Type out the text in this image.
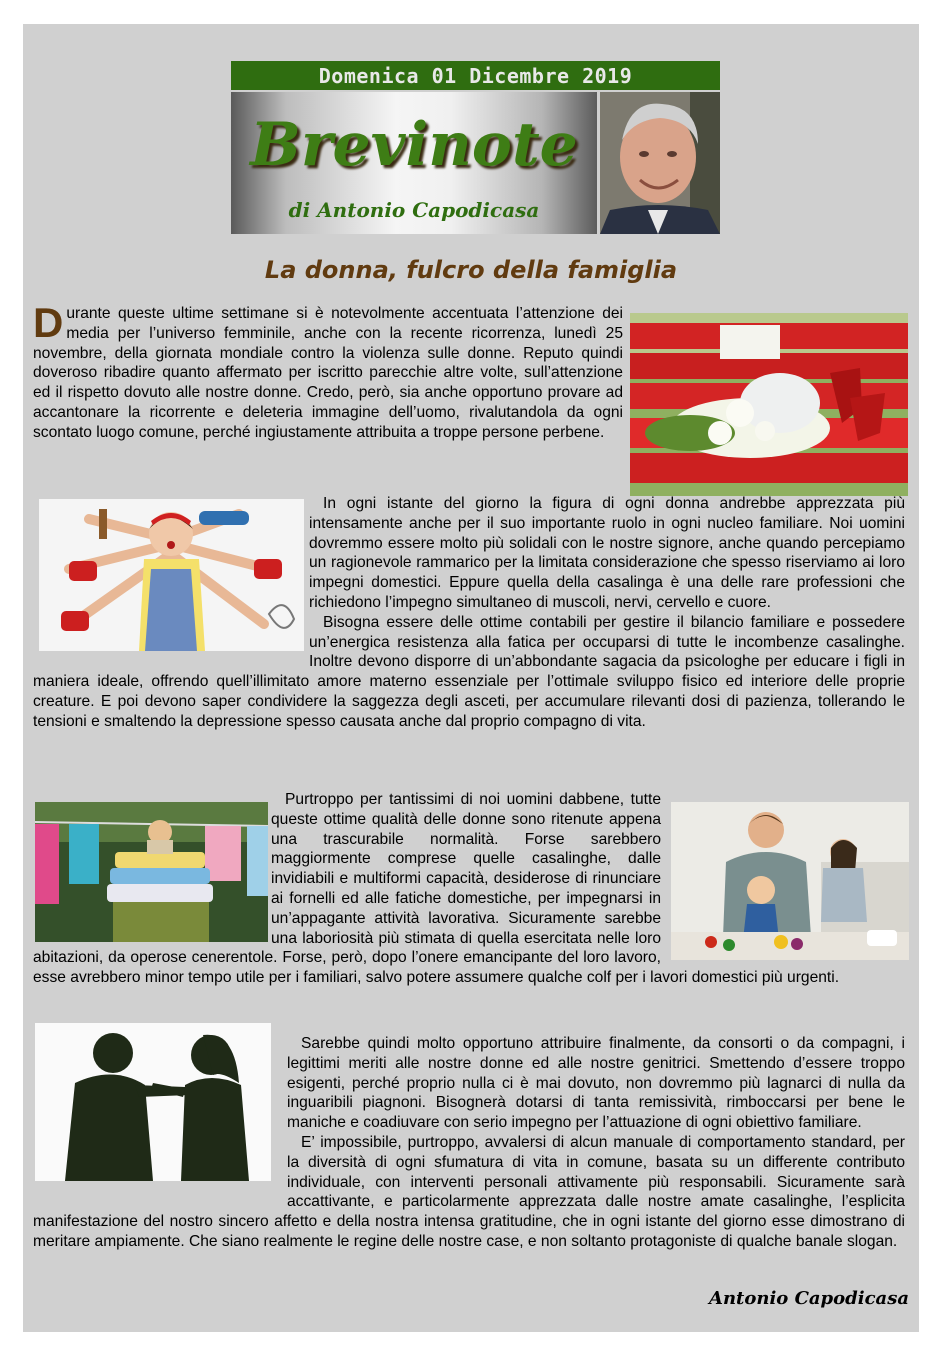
Domenica 01 Dicembre 2019
Brevinote
di Antonio Capodicasa
La donna, fulcro della famiglia

Durante queste ultime settimane si è notevolmente accentuata l’attenzione dei media per l’universo femminile, anche con la recente ricorrenza, lunedì 25 novembre, della giornata mondiale contro la violenza sulle donne. Reputo quindi doveroso ribadire quanto affermato per iscritto parecchie altre volte, sull’attenzione ed il rispetto dovuto alle nostre donne. Credo, però, sia anche opportuno provare ad accantonare la ricorrente e deleteria immagine dell’uomo, rivalutandola da ogni scontato luogo comune, perché ingiustamente attribuita a troppe persone perbene.

In ogni istante del giorno la figura di ogni donna andrebbe apprezzata più intensamente anche per il suo importante ruolo in ogni nucleo familiare. Noi uomini dovremmo essere molto più solidali con le nostre signore, anche quando percepiamo un ragionevole rammarico per la limitata considerazione che spesso riserviamo ai loro impegni domestici. Eppure quella della casalinga è una delle rare professioni che richiedono l’impegno simultaneo di muscoli, nervi, cervello e cuore.
Bisogna essere delle ottime contabili per gestire il bilancio familiare e possedere un’energica resistenza alla fatica per occuparsi di tutte le incombenze casalinghe. Inoltre devono disporre di un’abbondante sagacia da psicologhe per educare i figli in maniera ideale, offrendo quell’illimitato amore materno essenziale per l’ottimale sviluppo fisico ed interiore delle proprie creature. E poi devono saper condividere la saggezza degli asceti, per accumulare rilevanti dosi di pazienza, tollerando le tensioni e smaltendo la depressione spesso causata anche dal proprio compagno di vita.
Purtroppo per tantissimi di noi uomini dabbene, tutte queste ottime qualità delle donne sono ritenute appena una trascurabile normalità. Forse sarebbero maggiormente comprese quelle casalinghe, dalle invidiabili e multiformi capacità, desiderose di rinunciare ai fornelli ed alle fatiche domestiche, per impegnarsi in un’appagante attività lavorativa. Sicuramente sarebbe una laboriosità più stimata di quella esercitata nelle loro abitazioni, da operose cenerentole. Forse, però, dopo l’onere emancipante del loro lavoro, esse avrebbero minor tempo utile per i familiari, salvo potere assumere qualche colf per i lavori domestici più urgenti.
Sarebbe quindi molto opportuno attribuire finalmente, da consorti o da compagni, i legittimi meriti alle nostre donne ed alle nostre genitrici. Smettendo d’essere troppo esigenti, perché proprio nulla ci è mai dovuto, non dovremmo più lagnarci di nulla da inguaribili piagnoni. Bisognerà dotarsi di tanta remissività, rimboccarsi per bene le maniche e coadiuvare con serio impegno per l’attuazione di ogni obiettivo familiare.
E’ impossibile, purtroppo, avvalersi di alcun manuale di comportamento standard, per la diversità di ogni sfumatura di vita in comune, basata su un differente contributo individuale, con interventi personali attivamente più responsabili. Sicuramente sarà accattivante, e particolarmente apprezzata dalle nostre amate casalinghe, l’esplicita manifestazione del nostro sincero affetto e della nostra intensa gratitudine, che in ogni istante del giorno esse dimostrano di meritare ampiamente. Che siano realmente le regine delle nostre case, e non soltanto protagoniste di qualche banale slogan.
Antonio Capodicasa
